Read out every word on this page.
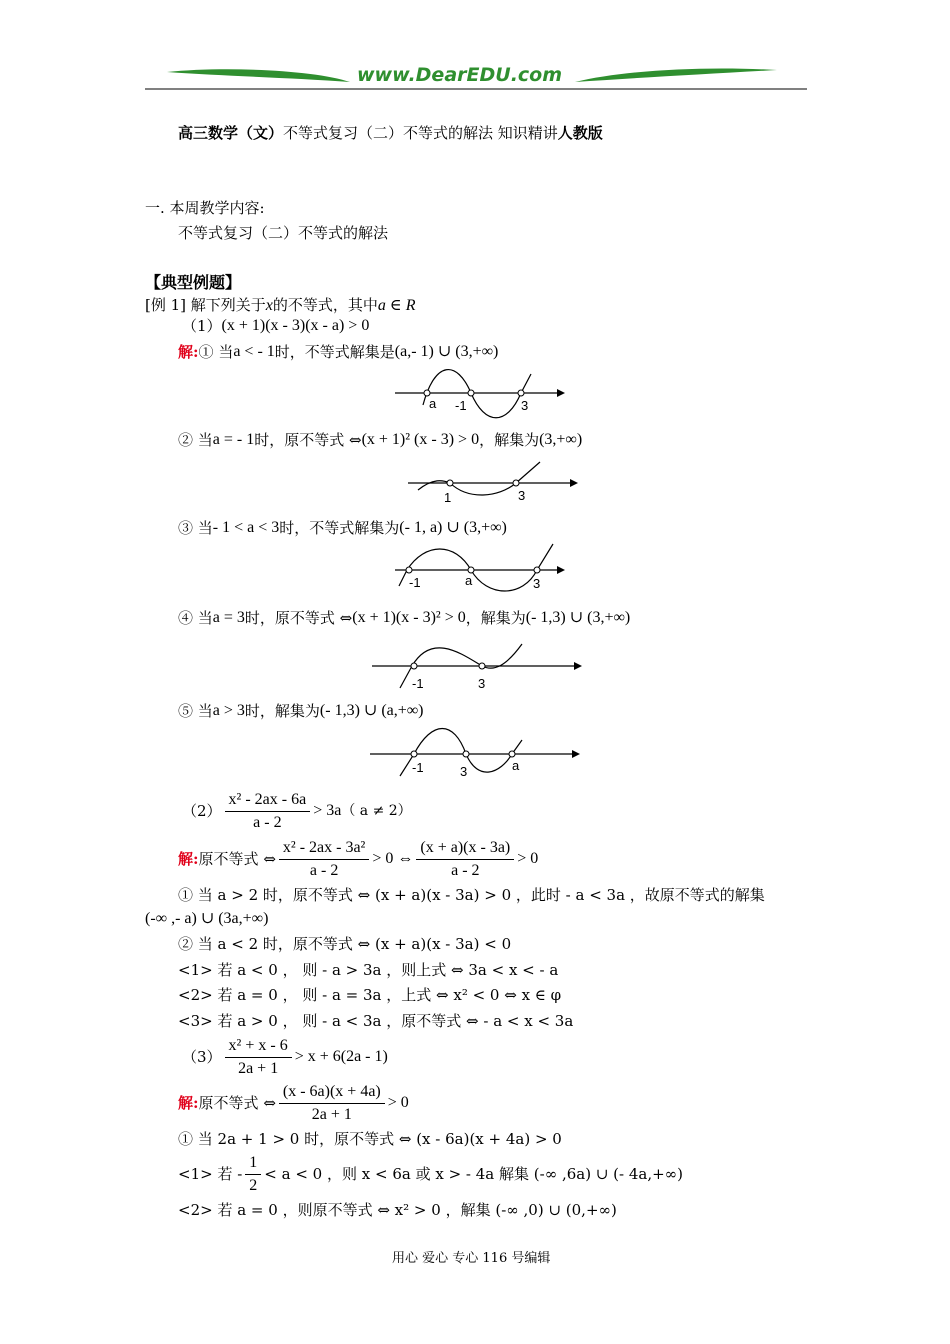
www.DearEDU.com
高三数学（文）不等式复习（二）不等式的解法 知识精讲人教版
一. 本周教学内容:
不等式复习（二）不等式的解法
【典型例题】
[例 1] 解下列关于x的不等式，其中a ∈ R
（1） (x + 1)(x - 3)(x - a) > 0
解: ① 当 a < - 1 时，不等式解集是 (a,- 1) ∪ (3,+∞)
a -1	3
② 当 a = - 1 时，原不等式 ⇔ (x + 1)² (x - 3) > 0 ，解集为 (3,+∞)
1	3
③ 当 - 1 < a < 3 时，不等式解集为 (- 1, a) ∪ (3,+∞)
-1	a	3
④ 当 a = 3 时，原不等式 ⇔ (x + 1)(x - 3)² > 0 ，解集为 (- 1,3) ∪ (3,+∞)
-1	3
⑤ 当 a > 3 时，解集为 (- 1,3) ∪ (a,+∞)
-1	3	a
$(2) \frac{\text{x² - 2ax - 6a}}{a - 2} > 3a$ （ a ≠ 2）
解: 原不等式 ⇔ $\frac{\text{x² - 2ax - 3a²}}{a - 2} > 0$ ⇔ $\frac{(x + a)(x - 3a)}{a - 2} > 0$
① 当 a > 2 时，原不等式 ⇔ (x + a)(x - 3a) > 0 ，此时 - a < 3a ，故原不等式的解集
(-∞ ,- a) ∪ (3a,+∞)
② 当 a < 2 时，原不等式 ⇔ (x + a)(x - 3a) < 0
<1> 若 a < 0 ， 则 - a > 3a ，则上式 ⇔ 3a < x < - a
<2> 若 a = 0 ， 则 - a = 3a ，上式 ⇔ x² < 0 ⇔ x ∈ φ
<3> 若 a > 0 ， 则 - a < 3a ，原不等式 ⇔ - a < x < 3a
$(3) \frac{\text{x² + x - 6}}{2a + 1} > x + 6(2a - 1)$
解: 原不等式 ⇔ $\frac{(x - 6a)(x + 4a)}{2a + 1} > 0$
① 当 2a + 1 > 0 时，原不等式 ⇔ (x - 6a)(x + 4a) > 0
<1> 若 - $\frac{1}{2} < a < 0$ ，则 x < 6a 或 x > - 4a 解集 (-∞ ,6a) ∪ (- 4a,+∞)
<2> 若 a = 0 ，则原不等式 ⇔ x² > 0 ，解集 (-∞ ,0) ∪ (0,+∞)
用心 爱心 专心 116 号编辑
